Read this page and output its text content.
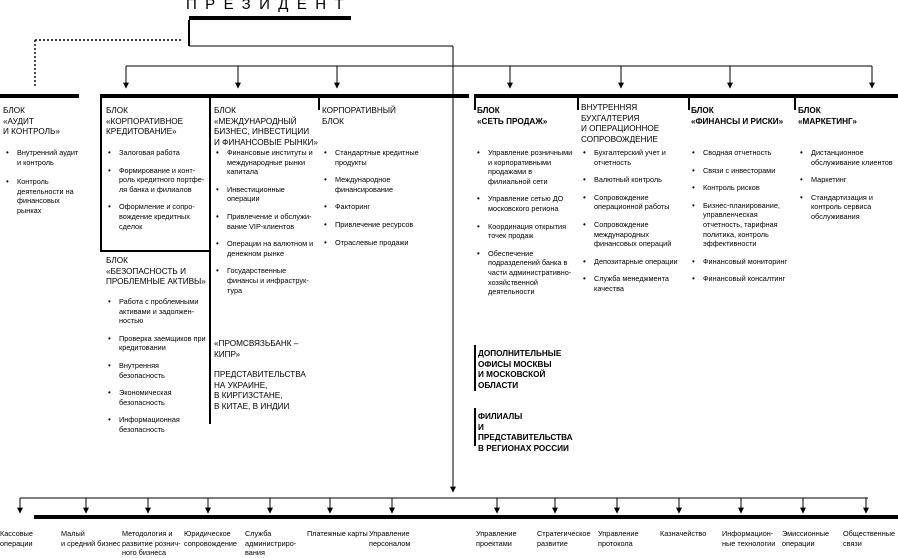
ПРЕЗИДЕНТ
БЛОК
«АУДИТ
И КОНТРОЛЬ»
• Внутренний аудит и контроль
• Контроль деятельности на финансовых рынках
БЛОК
«КОРПОРАТИВНОЕ
КРЕДИТОВАНИЕ»
• Залоговая работа
• Формирование и конт-роль кредитного портфе-ля банка и филиалов
• Оформление и сопро-вождение кредитных сделок
БЛОК
«БЕЗОПАСНОСТЬ И
ПРОБЛЕМНЫЕ АКТИВЫ»
• Работа с проблемными активами и задолжен-ностью
• Проверка заемщиков при кредитовании
• Внутренняя безопасность
• Экономическая безопасность
• Информационная безопасность
БЛОК «МЕЖДУНАРОДНЫЙ
БИЗНЕС, ИНВЕСТИЦИИ
И ФИНАНСОВЫЕ РЫНКИ»
• Финансовые институты и международные рынки капитала
• Инвестиционные операции
• Привлечение и обслужи-вание VIP-клиентов
• Операции на валютном и денежном рынке
• Государственные финансы и инфраструк-тура
«ПРОМСВЯЗЬБАНК – КИПР»
ПРЕДСТАВИТЕЛЬСТВА
НА УКРАИНЕ,
В КИРГИЗСТАНЕ,
В КИТАЕ, В ИНДИИ
КОРПОРАТИВНЫЙ
БЛОК
• Стандартные кредитные продукты
• Международное финансирование
• Факторинг
• Привлечение ресурсов
• Отраслевые продажи
БЛОК
«СЕТЬ ПРОДАЖ»
• Управление розничными и корпоративными продажами в филиальной сети
• Управление сетью ДО московского региона
• Координация открытия точек продаж
• Обеспечение подразделений банка в части административно-хозяйственной деятельности
ДОПОЛНИТЕЛЬНЫЕ
ОФИСЫ МОСКВЫ
И МОСКОВСКОЙ
ОБЛАСТИ
ФИЛИАЛЫ
И ПРЕДСТАВИТЕЛЬСТВА
В РЕГИОНАХ РОССИИ
ВНУТРЕННЯЯ БУХГАЛТЕРИЯ
И ОПЕРАЦИОННОЕ
СОПРОВОЖДЕНИЕ
• Бухгалтерский учет и отчетность
• Валютный контроль
• Сопровождение операционной работы
• Сопровождение международных финансовых операций
• Депозитарные операции
• Служба менеджмента качества
БЛОК
«ФИНАНСЫ И РИСКИ»
• Сводная отчетность
• Связи с инвесторами
• Контроль рисков
• Бизнес-планирование, управленческая отчетность, тарифная политика, контроль эффективности
• Финансовый мониторинг
• Финансовый консалтинг
БЛОК
«МАРКЕТИНГ»
• Дистанционное обслуживание клиентов
• Маркетинг
• Стандартизация и контроль сервиса обслуживания
Кассовые
операции
Малый
и средний бизнес
Методология и
развитие рознич-
ного бизнеса
Юридическое
сопровождение
Служба
администриро-
вания
Платежные карты Управление
персоналом
Управление
проектами
Стратегическое
развитие
Управление
протокола
Казначейство	Информацион-
ные технологии
Эмиссионные
операции
Общественные
связи
